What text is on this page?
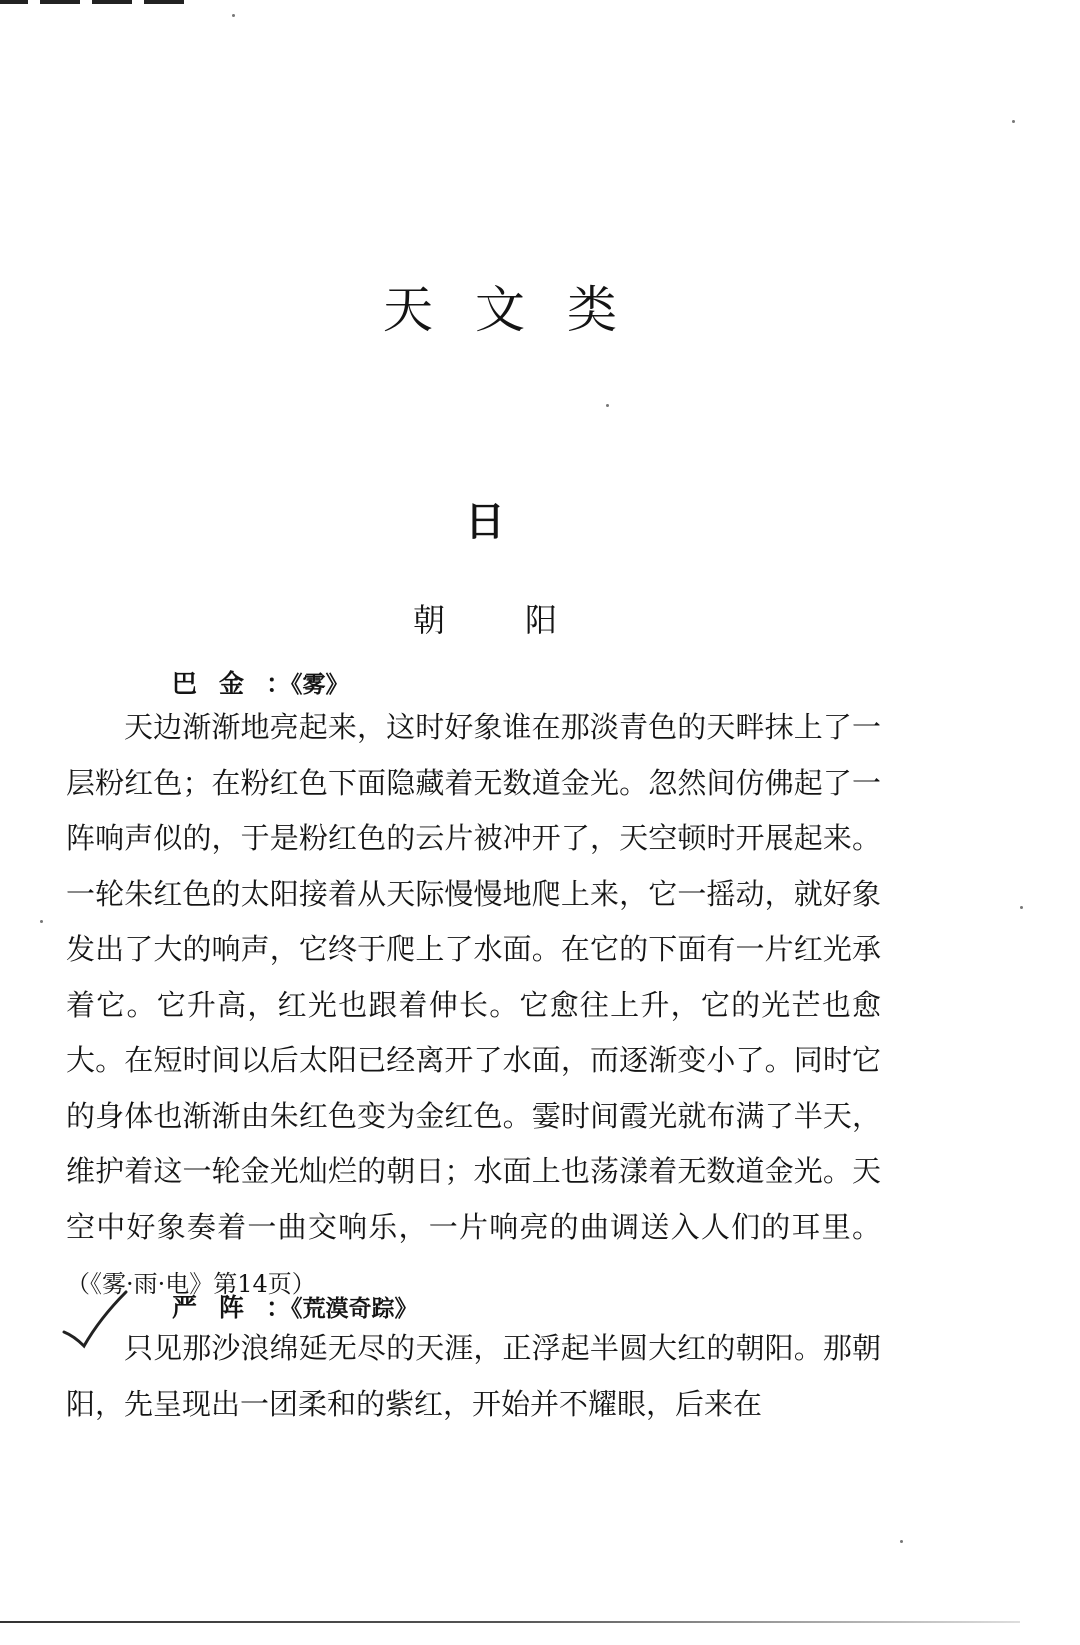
天文类
日
朝阳
巴金：《雾》

天边渐渐地亮起来，这时好象谁在那淡青色的天畔抹上了一层粉红色；在粉红色下面隐藏着无数道金光。忽然间仿佛起了一阵响声似的，于是粉红色的云片被冲开了，天空顿时开展起来。一轮朱红色的太阳接着从天际慢慢地爬上来，它一摇动，就好象发出了大的响声，它终于爬上了水面。在它的下面有一片红光承着它。它升高，红光也跟着伸长。它愈往上升，它的光芒也愈大。在短时间以后太阳已经离开了水面，而逐渐变小了。同时它的身体也渐渐由朱红色变为金红色。霎时间霞光就布满了半天，维护着这一轮金光灿烂的朝日；水面上也荡漾着无数道金光。天空中好象奏着一曲交响乐，一片响亮的曲调送入人们的耳里。（《雾·雨·电》第14页）

严阵：《荒漠奇踪》

只见那沙浪绵延无尽的天涯，正浮起半圆大红的朝阳。那朝阳，先呈现出一团柔和的紫红，开始并不耀眼，后来在
